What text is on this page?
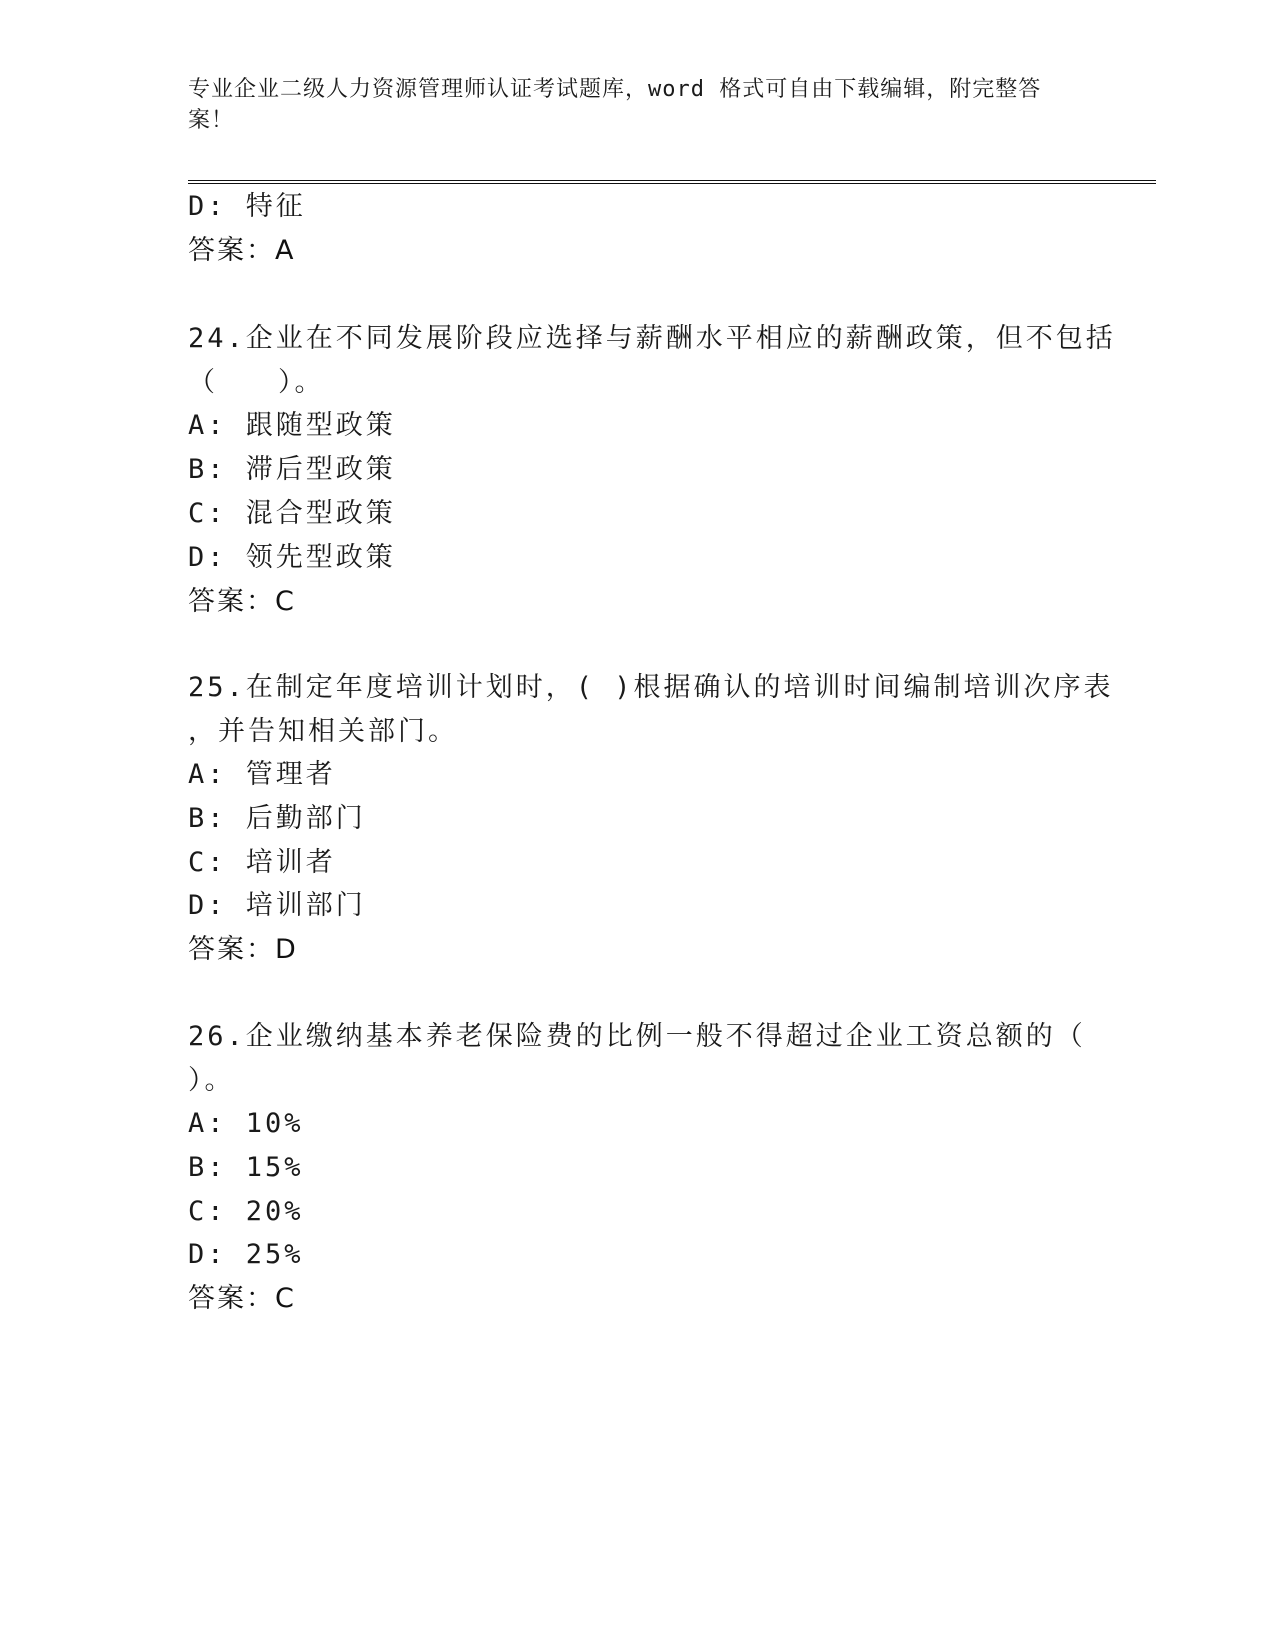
专业企业二级人力资源管理师认证考试题库，word 格式可自由下载编辑，附完整答案！
D: 特征
答案：A
24.企业在不同发展阶段应选择与薪酬水平相应的薪酬政策，但不包括
（　　）。
A: 跟随型政策
B: 滞后型政策
C: 混合型政策
D: 领先型政策
答案：C
25.在制定年度培训计划时，( )根据确认的培训时间编制培训次序表
，并告知相关部门。
A: 管理者
B: 后勤部门
C: 培训者
D: 培训部门
答案：D
26.企业缴纳基本养老保险费的比例一般不得超过企业工资总额的（
）。
A: 10%
B: 15%
C: 20%
D: 25%
答案：C
